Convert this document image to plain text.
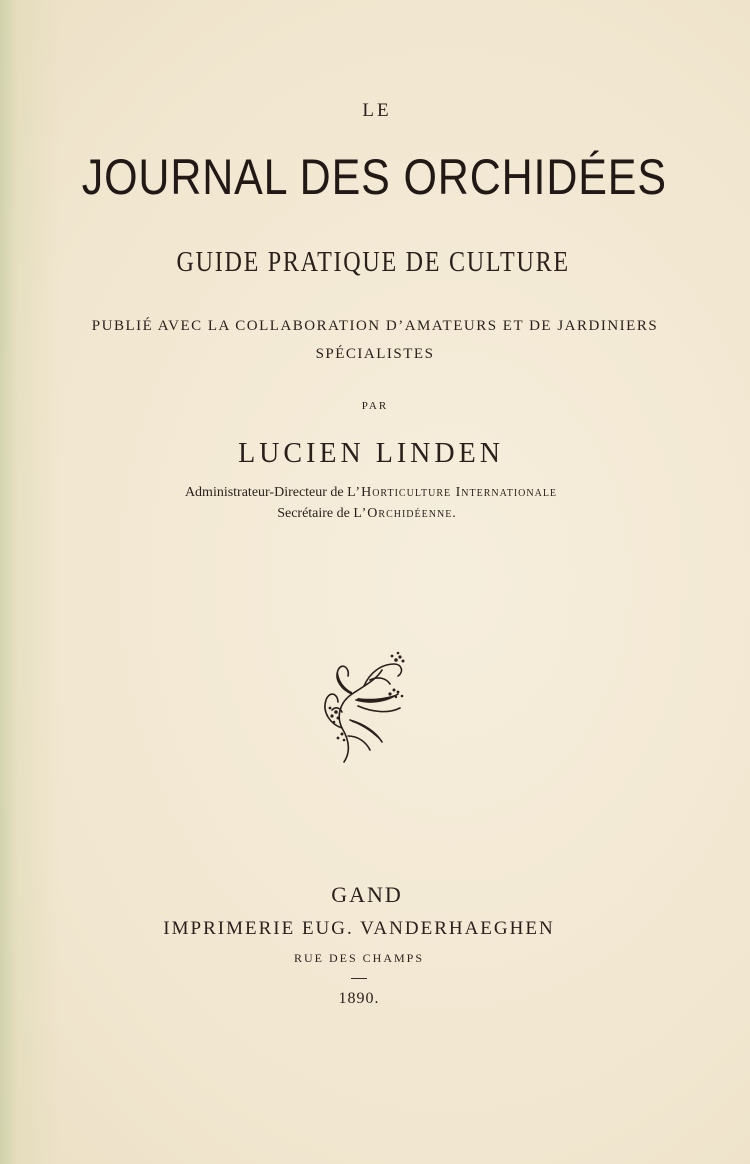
LE
JOURNAL DES ORCHIDÉES
GUIDE PRATIQUE DE CULTURE
PUBLIÉ AVEC LA COLLABORATION D’AMATEURS ET DE JARDINIERS
SPÉCIALISTES
PAR
LUCIEN LINDEN
Administrateur-Directeur de L’Horticulture Internationale
Secrétaire de L’Orchidéenne.
GAND
IMPRIMERIE EUG. VANDERHAEGHEN
RUE DES CHAMPS
1890.
